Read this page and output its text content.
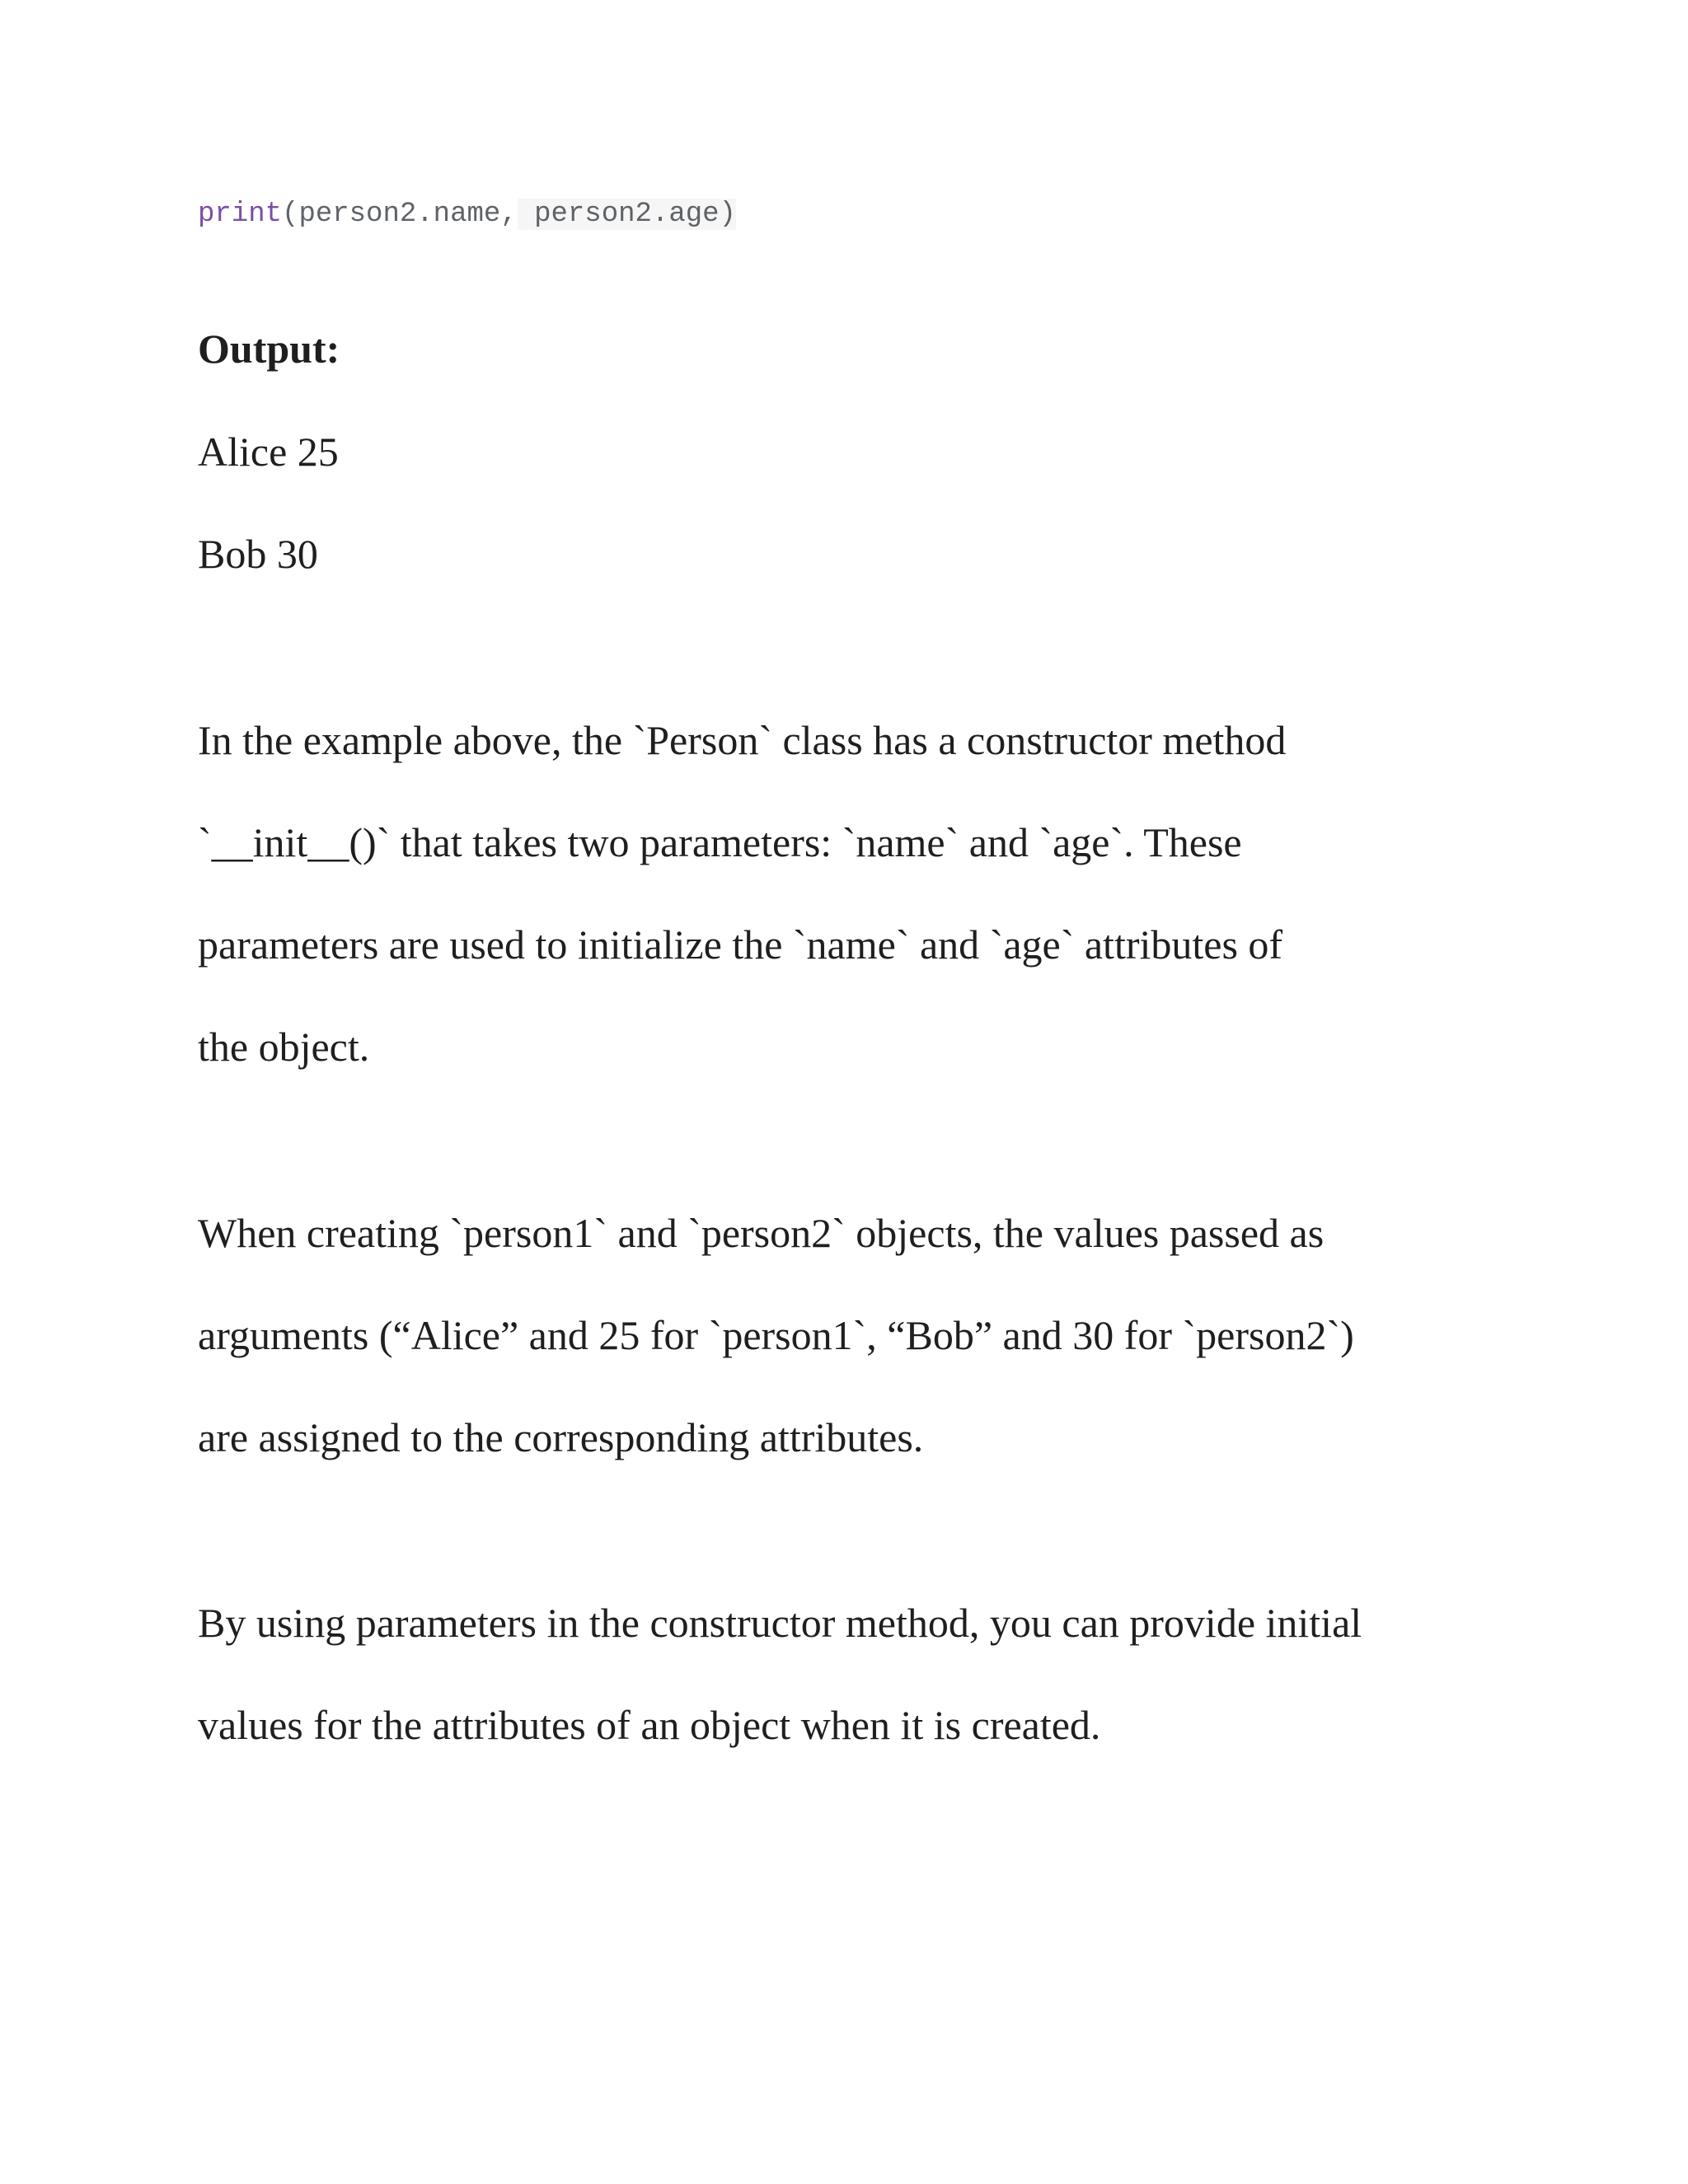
print(person2.name, person2.age)
Output:
Alice 25
Bob 30
In the example above, the `Person` class has a constructor method
`__init__()` that takes two parameters: `name` and `age`. These
parameters are used to initialize the `name` and `age` attributes of
the object.
When creating `person1` and `person2` objects, the values passed as
arguments (“Alice” and 25 for `person1`, “Bob” and 30 for `person2`)
are assigned to the corresponding attributes.
By using parameters in the constructor method, you can provide initial
values for the attributes of an object when it is created.
